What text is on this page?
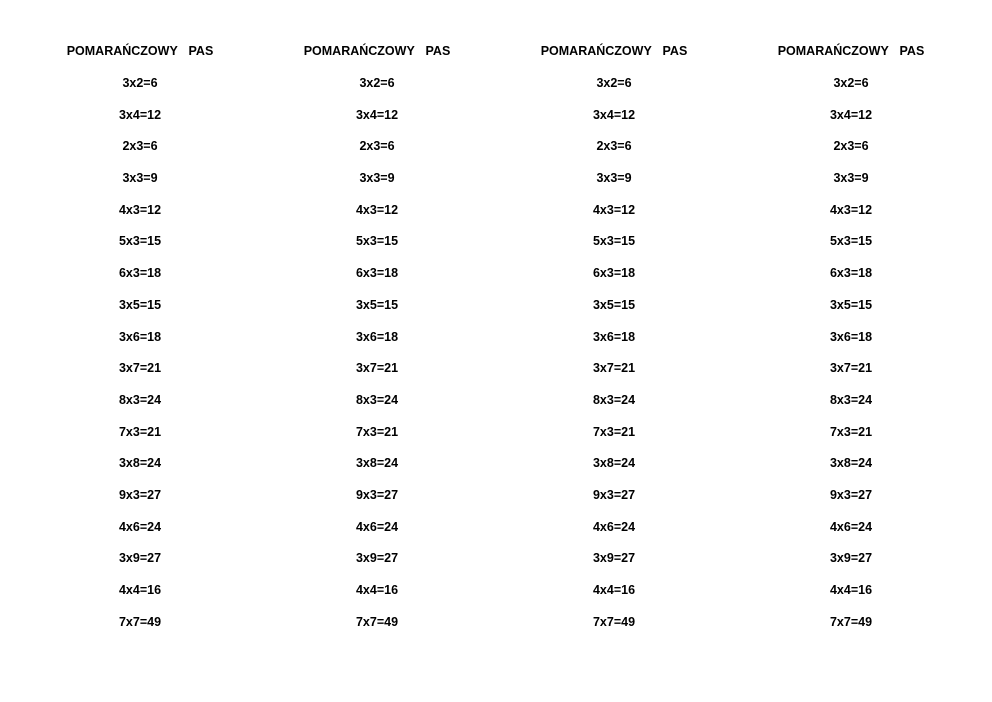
POMARAŃCZOWY  PAS
3x2=6
3x4=12
2x3=6
3x3=9
4x3=12
5x3=15
6x3=18
3x5=15
3x6=18
3x7=21
8x3=24
7x3=21
3x8=24
9x3=27
4x6=24
3x9=27
4x4=16
7x7=49
POMARAŃCZOWY  PAS
3x2=6
3x4=12
2x3=6
3x3=9
4x3=12
5x3=15
6x3=18
3x5=15
3x6=18
3x7=21
8x3=24
7x3=21
3x8=24
9x3=27
4x6=24
3x9=27
4x4=16
7x7=49
POMARAŃCZOWY  PAS
3x2=6
3x4=12
2x3=6
3x3=9
4x3=12
5x3=15
6x3=18
3x5=15
3x6=18
3x7=21
8x3=24
7x3=21
3x8=24
9x3=27
4x6=24
3x9=27
4x4=16
7x7=49
POMARAŃCZOWY  PAS
3x2=6
3x4=12
2x3=6
3x3=9
4x3=12
5x3=15
6x3=18
3x5=15
3x6=18
3x7=21
8x3=24
7x3=21
3x8=24
9x3=27
4x6=24
3x9=27
4x4=16
7x7=49
